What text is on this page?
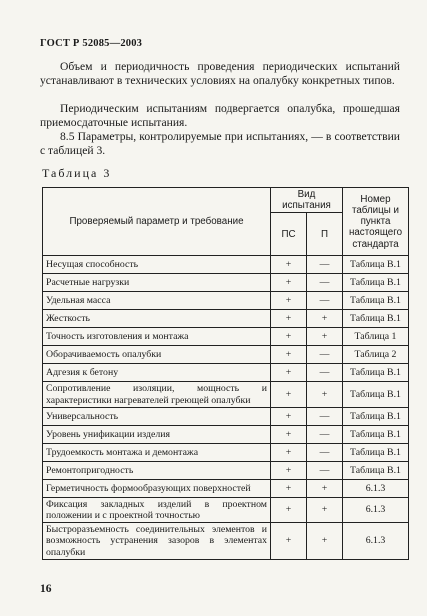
ГОСТ Р 52085—2003
Объем и периодичность проведения периодических испытаний устанавливают в технических условиях на опалубку конкретных типов.
Периодическим испытаниям подвергается опалубка, прошедшая приемосдаточные испытания.
8.5 Параметры, контролируемые при испытаниях, — в соответствии с таблицей 3.
Таблица 3
Проверяемый параметр и требование	Вид испытания		Номер таблицы и пункта настоящего стандарта
	ПС	П	
Несущая способность	+	—	Таблица В.1
Расчетные нагрузки	+	—	Таблица В.1
Удельная масса	+	—	Таблица В.1
Жесткость	+	+	Таблица В.1
Точность изготовления и монтажа	+	+	Таблица 1
Оборачиваемость опалубки	+	—	Таблица 2
Адгезия к бетону	+	—	Таблица В.1
Сопротивление изоляции, мощность и характеристики нагревателей греющей опалубки	+	+	Таблица В.1
Универсальность	+	—	Таблица В.1
Уровень унификации изделия	+	—	Таблица В.1
Трудоемкость монтажа и демонтажа	+	—	Таблица В.1
Ремонтопригодность	+	—	Таблица В.1
Герметичность формообразующих поверхностей	+	+	6.1.3
Фиксация закладных изделий в проектном положении и с проектной точностью	+	+	6.1.3
Быстроразъемность соединительных элементов и возможность устранения зазоров в элементах опалубки	+	+	6.1.3
16
